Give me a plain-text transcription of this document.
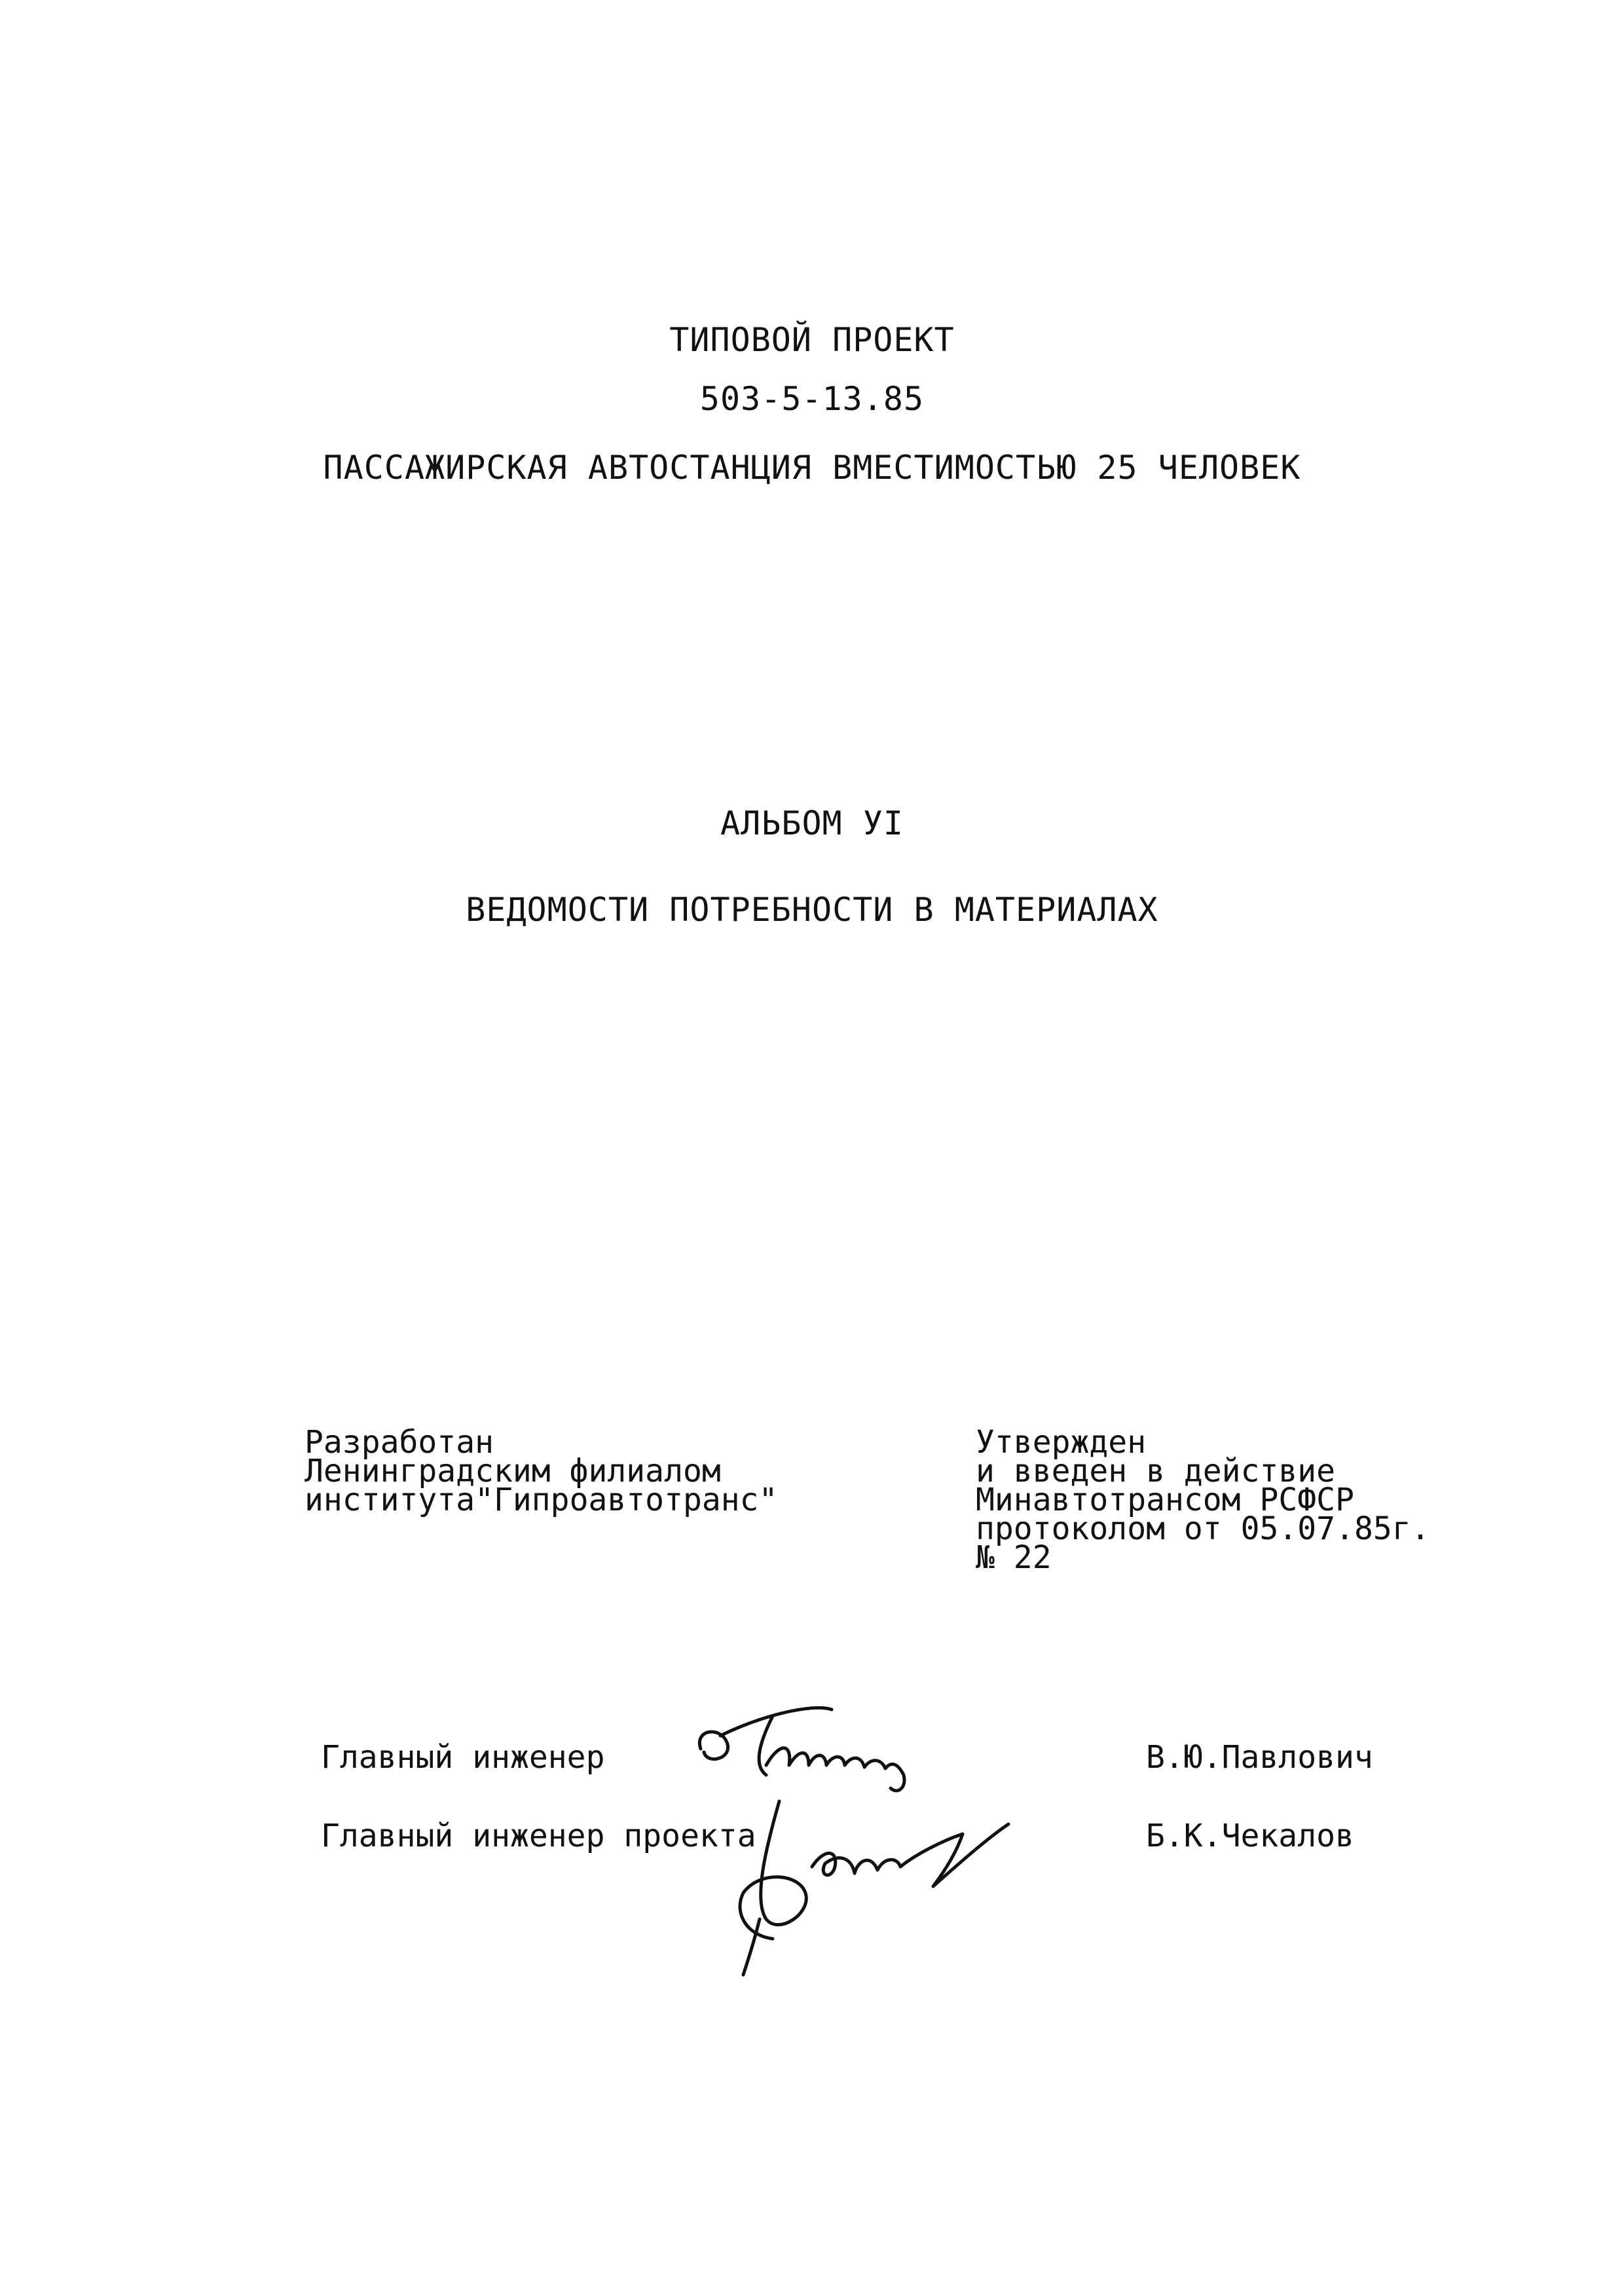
ТИПОВОЙ ПРОЕКТ
503-5-13.85
ПАССАЖИРСКАЯ АВТОСТАНЦИЯ ВМЕСТИМОСТЬЮ 25 ЧЕЛОВЕК
АЛЬБОМ УI
ВЕДОМОСТИ ПОТРЕБНОСТИ В МАТЕРИАЛАХ
Разработан
Ленинградским филиалом
института"Гипроавтотранс"
Утвержден
и введен в действие
Минавтотрансом РСФСР
протоколом от 05.07.85г.
№ 22
Главный инженер	В.Ю.Павлович
Главный инженер проекта	Б.К.Чекалов
